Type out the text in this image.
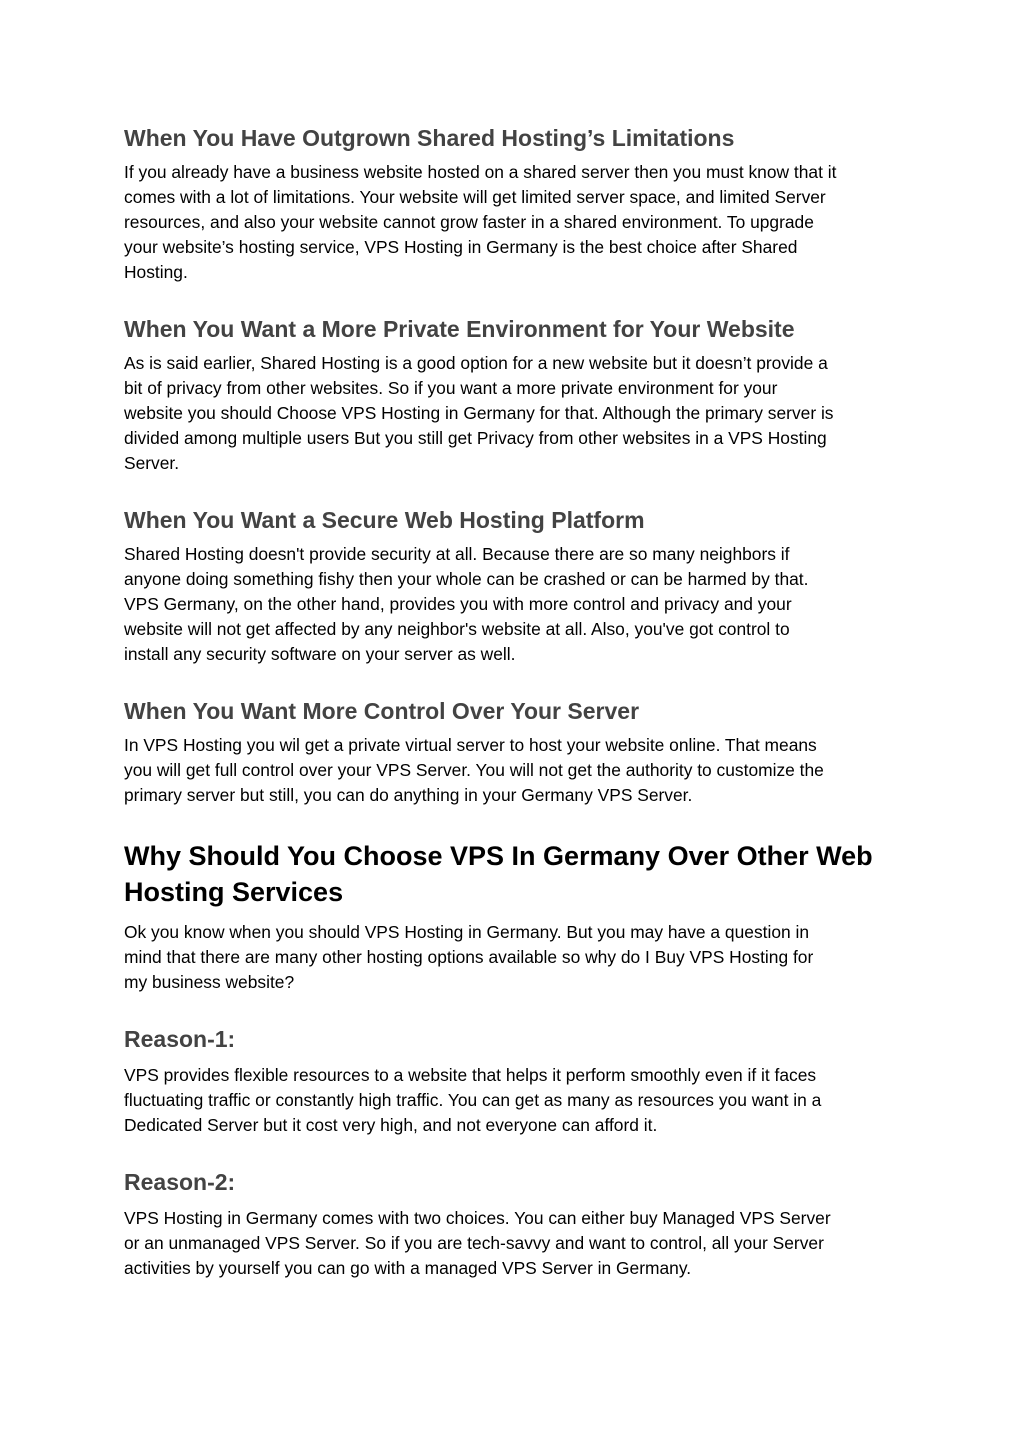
When You Have Outgrown Shared Hosting’s Limitations
If you already have a business website hosted on a shared server then you must know that it
comes with a lot of limitations. Your website will get limited server space, and limited Server
resources, and also your website cannot grow faster in a shared environment. To upgrade
your website’s hosting service, VPS Hosting in Germany is the best choice after Shared
Hosting.
When You Want a More Private Environment for Your Website
As is said earlier, Shared Hosting is a good option for a new website but it doesn’t provide a
bit of privacy from other websites. So if you want a more private environment for your
website you should Choose VPS Hosting in Germany for that. Although the primary server is
divided among multiple users But you still get Privacy from other websites in a VPS Hosting
Server.
When You Want a Secure Web Hosting Platform
Shared Hosting doesn't provide security at all. Because there are so many neighbors if
anyone doing something fishy then your whole can be crashed or can be harmed by that.
VPS Germany, on the other hand, provides you with more control and privacy and your
website will not get affected by any neighbor's website at all. Also, you've got control to
install any security software on your server as well.
When You Want More Control Over Your Server
In VPS Hosting you wil get a private virtual server to host your website online. That means
you will get full control over your VPS Server. You will not get the authority to customize the
primary server but still, you can do anything in your Germany VPS Server.
Why Should You Choose VPS In Germany Over Other Web
Hosting Services
Ok you know when you should VPS Hosting in Germany. But you may have a question in
mind that there are many other hosting options available so why do I Buy VPS Hosting for
my business website?
Reason-1:
VPS provides flexible resources to a website that helps it perform smoothly even if it faces
fluctuating traffic or constantly high traffic. You can get as many as resources you want in a
Dedicated Server but it cost very high, and not everyone can afford it.
Reason-2:
VPS Hosting in Germany comes with two choices. You can either buy Managed VPS Server
or an unmanaged VPS Server. So if you are tech-savvy and want to control, all your Server
activities by yourself you can go with a managed VPS Server in Germany.
